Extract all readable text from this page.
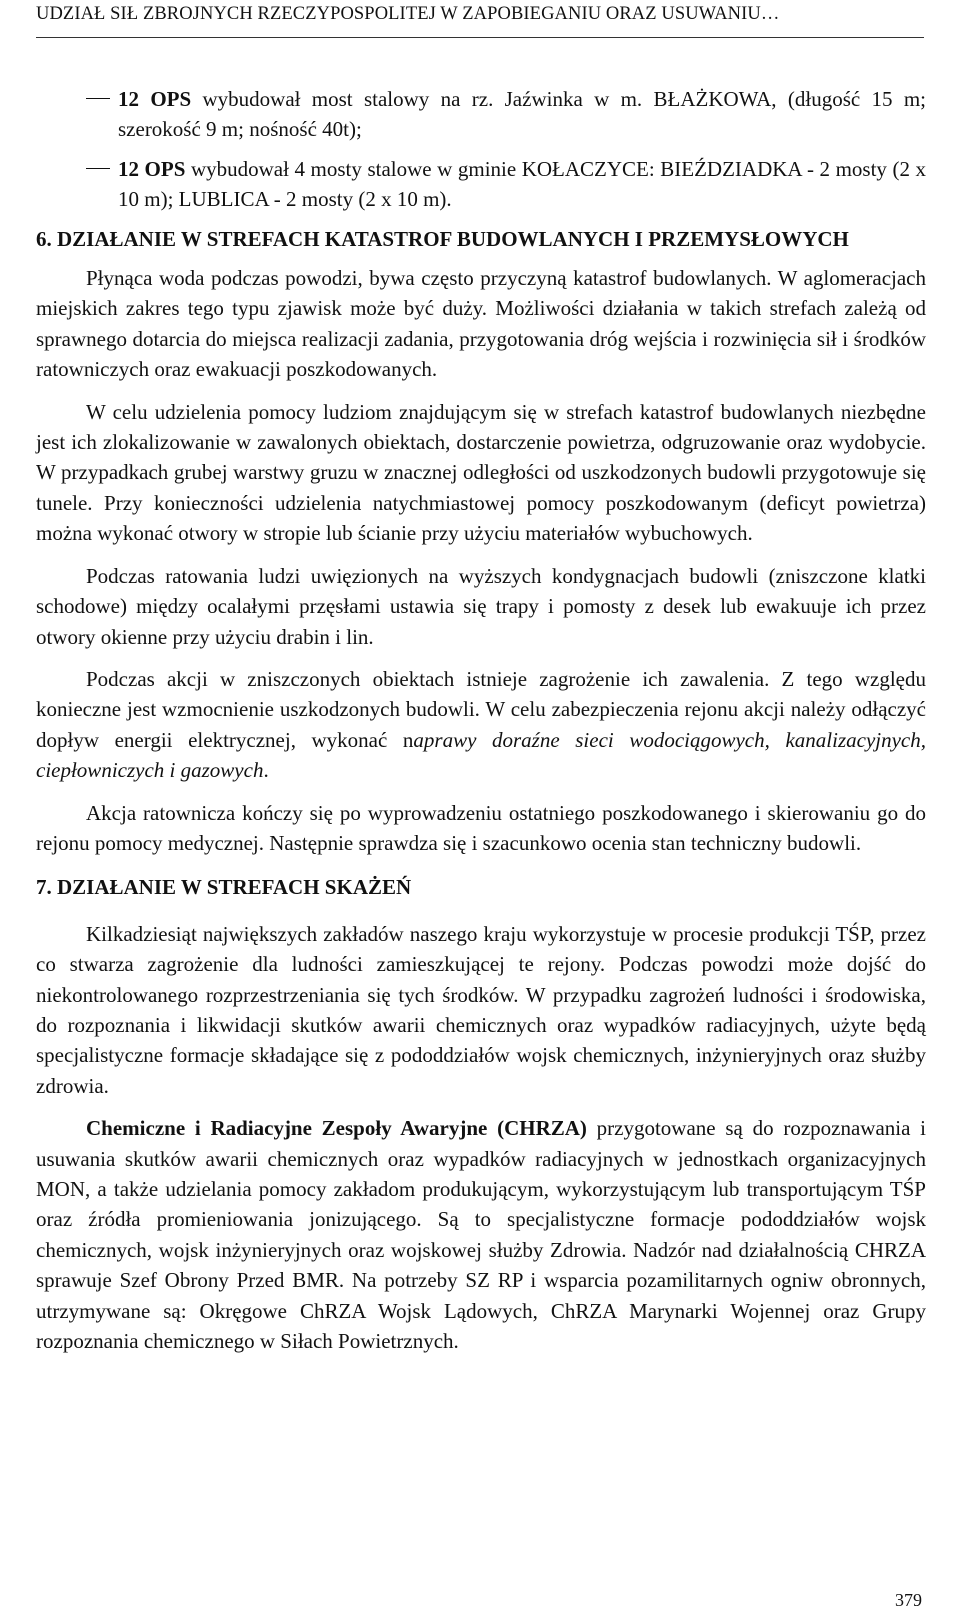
UDZIAŁ SIŁ ZBROJNYCH RZECZYPOSPOLITEJ W ZAPOBIEGANIU ORAZ USUWANIU…
12 OPS wybudował most stalowy na rz. Jaźwinka w m. BŁAŻKOWA, (długość 15 m; szerokość 9 m; nośność 40t);
12 OPS wybudował 4 mosty stalowe w gminie KOŁACZYCE: BIEŹDZIADKA - 2 mosty (2 x 10 m); LUBLICA - 2 mosty (2 x 10 m).
6. DZIAŁANIE W STREFACH KATASTROF BUDOWLANYCH I PRZEMYSŁOWYCH

Płynąca woda podczas powodzi, bywa często przyczyną katastrof budowlanych. W aglomeracjach miejskich zakres tego typu zjawisk może być duży. Możliwości działania w takich strefach zależą od sprawnego dotarcia do miejsca realizacji zadania, przygotowania dróg wejścia i rozwinięcia sił i środków ratowniczych oraz ewakuacji poszkodowanych.

W celu udzielenia pomocy ludziom znajdującym się w strefach katastrof budowlanych niezbędne jest ich zlokalizowanie w zawalonych obiektach, dostarczenie powietrza, odgruzowanie oraz wydobycie. W przypadkach grubej warstwy gruzu w znacznej odległości od uszkodzonych budowli przygotowuje się tunele. Przy konieczności udzielenia natychmiastowej pomocy poszkodowanym (deficyt powietrza) można wykonać otwory w stropie lub ścianie przy użyciu materiałów wybuchowych.

Podczas ratowania ludzi uwięzionych na wyższych kondygnacjach budowli (zniszczone klatki schodowe) między ocalałymi przęsłami ustawia się trapy i pomosty z desek lub ewakuuje ich przez otwory okienne przy użyciu drabin i lin.

Podczas akcji w zniszczonych obiektach istnieje zagrożenie ich zawalenia. Z tego względu konieczne jest wzmocnienie uszkodzonych budowli. W celu zabezpieczenia rejonu akcji należy odłączyć dopływ energii elektrycznej, wykonać naprawy doraźne sieci wodociągowych, kanalizacyjnych, ciepłowniczych i gazowych.

Akcja ratownicza kończy się po wyprowadzeniu ostatniego poszkodowanego i skierowaniu go do rejonu pomocy medycznej. Następnie sprawdza się i szacunkowo ocenia stan techniczny budowli.

7. DZIAŁANIE W STREFACH SKAŻEŃ

Kilkadziesiąt największych zakładów naszego kraju wykorzystuje w procesie produkcji TŚP, przez co stwarza zagrożenie dla ludności zamieszkującej te rejony. Podczas powodzi może dojść do niekontrolowanego rozprzestrzeniania się tych środków. W przypadku zagrożeń ludności i środowiska, do rozpoznania i likwidacji skutków awarii chemicznych oraz wypadków radiacyjnych, użyte będą specjalistyczne formacje składające się z pododdziałów wojsk chemicznych, inżynieryjnych oraz służby zdrowia.

Chemiczne i Radiacyjne Zespoły Awaryjne (CHRZA) przygotowane są do rozpoznawania i usuwania skutków awarii chemicznych oraz wypadków radiacyjnych w jednostkach organizacyjnych MON, a także udzielania pomocy zakładom produkującym, wykorzystującym lub transportującym TŚP oraz źródła promieniowania jonizującego. Są to specjalistyczne formacje pododdziałów wojsk chemicznych, wojsk inżynieryjnych oraz wojskowej służby Zdrowia. Nadzór nad działalnością CHRZA sprawuje Szef Obrony Przed BMR. Na potrzeby SZ RP i wsparcia pozamilitarnych ogniw obronnych, utrzymywane są: Okręgowe ChRZA Wojsk Lądowych, ChRZA Marynarki Wojennej oraz Grupy rozpoznania chemicznego w Siłach Powietrznych.

379
